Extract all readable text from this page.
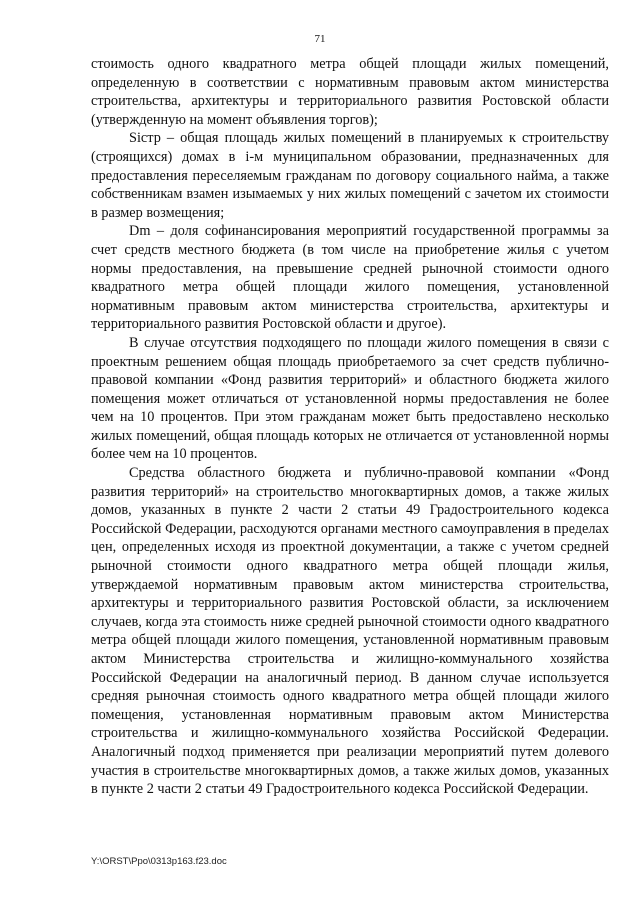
71

стоимость одного квадратного метра общей площади жилых помещений, определенную в соответствии с нормативным правовым актом министерства строительства, архитектуры и территориального развития Ростовской области (утвержденную на момент объявления торгов);

Sіcтр – общая площадь жилых помещений в планируемых к строительству (строящихся) домах в i-м муниципальном образовании, предназначенных для предоставления переселяемым гражданам по договору социального найма, а также собственникам взамен изымаемых у них жилых помещений с зачетом их стоимости в размер возмещения;

Dm – доля софинансирования мероприятий государственной программы за счет средств местного бюджета (в том числе на приобретение жилья с учетом нормы предоставления, на превышение средней рыночной стоимости одного квадратного метра общей площади жилого помещения, установленной нормативным правовым актом министерства строительства, архитектуры и территориального развития Ростовской области и другое).

В случае отсутствия подходящего по площади жилого помещения в связи с проектным решением общая площадь приобретаемого за счет средств публично-правовой компании «Фонд развития территорий» и областного бюджета жилого помещения может отличаться от установленной нормы предоставления не более чем на 10 процентов. При этом гражданам может быть предоставлено несколько жилых помещений, общая площадь которых не отличается от установленной нормы более чем на 10 процентов.

Средства областного бюджета и публично-правовой компании «Фонд развития территорий» на строительство многоквартирных домов, а также жилых домов, указанных в пункте 2 части 2 статьи 49 Градостроительного кодекса Российской Федерации, расходуются органами местного самоуправления в пределах цен, определенных исходя из проектной документации, а также с учетом средней рыночной стоимости одного квадратного метра общей площади жилья, утверждаемой нормативным правовым актом министерства строительства, архитектуры и территориального развития Ростовской области, за исключением случаев, когда эта стоимость ниже средней рыночной стоимости одного квадратного метра общей площади жилого помещения, установленной нормативным правовым актом Министерства строительства и жилищно-коммунального хозяйства Российской Федерации на аналогичный период. В данном случае используется средняя рыночная стоимость одного квадратного метра общей площади жилого помещения, установленная нормативным правовым актом Министерства строительства и жилищно-коммунального хозяйства Российской Федерации. Аналогичный подход применяется при реализации мероприятий путем долевого участия в строительстве многоквартирных домов, а также жилых домов, указанных в пункте 2 части 2 статьи 49 Градостроительного кодекса Российской Федерации.

Y:\ORST\Ppo\0313p163.f23.doc
